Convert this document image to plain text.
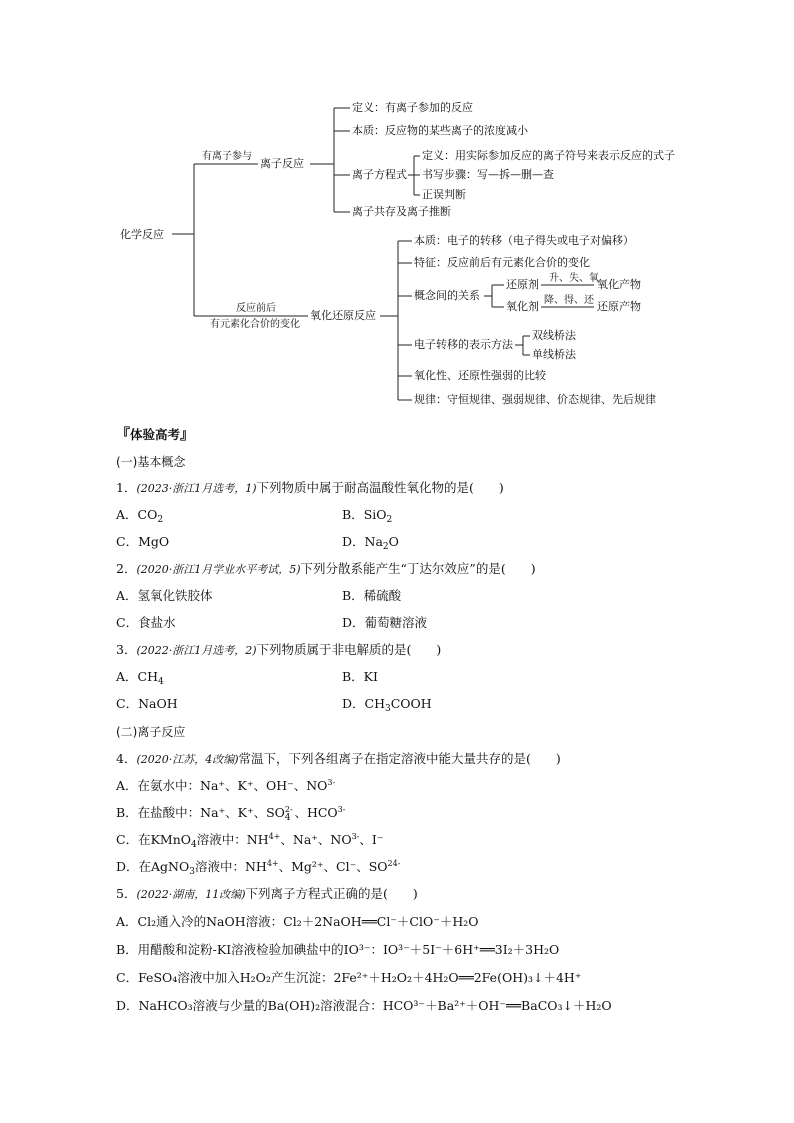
化学反应
有离子参与
离子反应
定义：有离子参加的反应
本质：反应物的某些离子的浓度减小
离子方程式
定义：用实际参加反应的离子符号来表示反应的式子
书写步骤：写—拆—删—查
正误判断
离子共存及离子推断
反应前后
有元素化合价的变化
氧化还原反应
本质：电子的转移（电子得失或电子对偏移）
特征：反应前后有元素化合价的变化
概念间的关系
还原剂 升、失、氧
氧化产物
氧化剂 降、得、还 还原产物
电子转移的表示方法
双线桥法
单线桥法
氧化性、还原性强弱的比较
规律：守恒规律、强弱规律、价态规律、先后规律
『体验高考』
(一)基本概念
1．(2023·浙江1月选考，1)下列物质中属于耐高温酸性氧化物的是(　　)
A．$CO_2$	B．SiO$_2$
C．MgO	D．$Na_2O$
2．(2020·浙江1月学业水平考试，5)下列分散系能产生“丁达尔效应”的是(　　)
A．氢氧化铁胶体	B．稀硫酸
C．食盐水	D．葡萄糖溶液
3．(2022·浙江1月选考，2)下列物质属于非电解质的是(　　)
A．$CH_4$	B．KI
C．NaOH	D．$CH_3COOH$
(二)离子反应
4．(2020·江苏，4改编)常温下，下列各组离子在指定溶液中能大量共存的是(　　)
A．在氨水中：Na⁺、K⁺、OH⁻、$NO^{3-}$
B．在盐酸中：Na⁺、K⁺、$SO^{2-}_4$ 、$HCO^{3-}$
C．在KMnO$_4$溶液中：$NH^{4+}$、Na⁺、$NO^{3-}$、I⁻
D．在AgNO$_3$溶液中：$NH^{4+}$、Mg²⁺、Cl⁻、$SO^{24-}$
5．(2022·湖南，11改编)下列离子方程式正确的是(　　)
A．Cl₂通入冷的NaOH溶液：Cl₂＋2NaOH══Cl⁻＋ClO⁻＋H₂O
B．用醋酸和淀粉-KI溶液检验加碘盐中的IO³⁻：IO³⁻＋5I⁻＋6H⁺══3I₂＋3H₂O
C．FeSO₄溶液中加入H₂O₂产生沉淀：2Fe²⁺＋H₂O₂＋4H₂O══2Fe(OH)₃↓＋4H⁺
D．NaHCO₃溶液与少量的Ba(OH)₂溶液混合：HCO³⁻＋Ba²⁺＋OH⁻══BaCO₃↓＋H₂O
